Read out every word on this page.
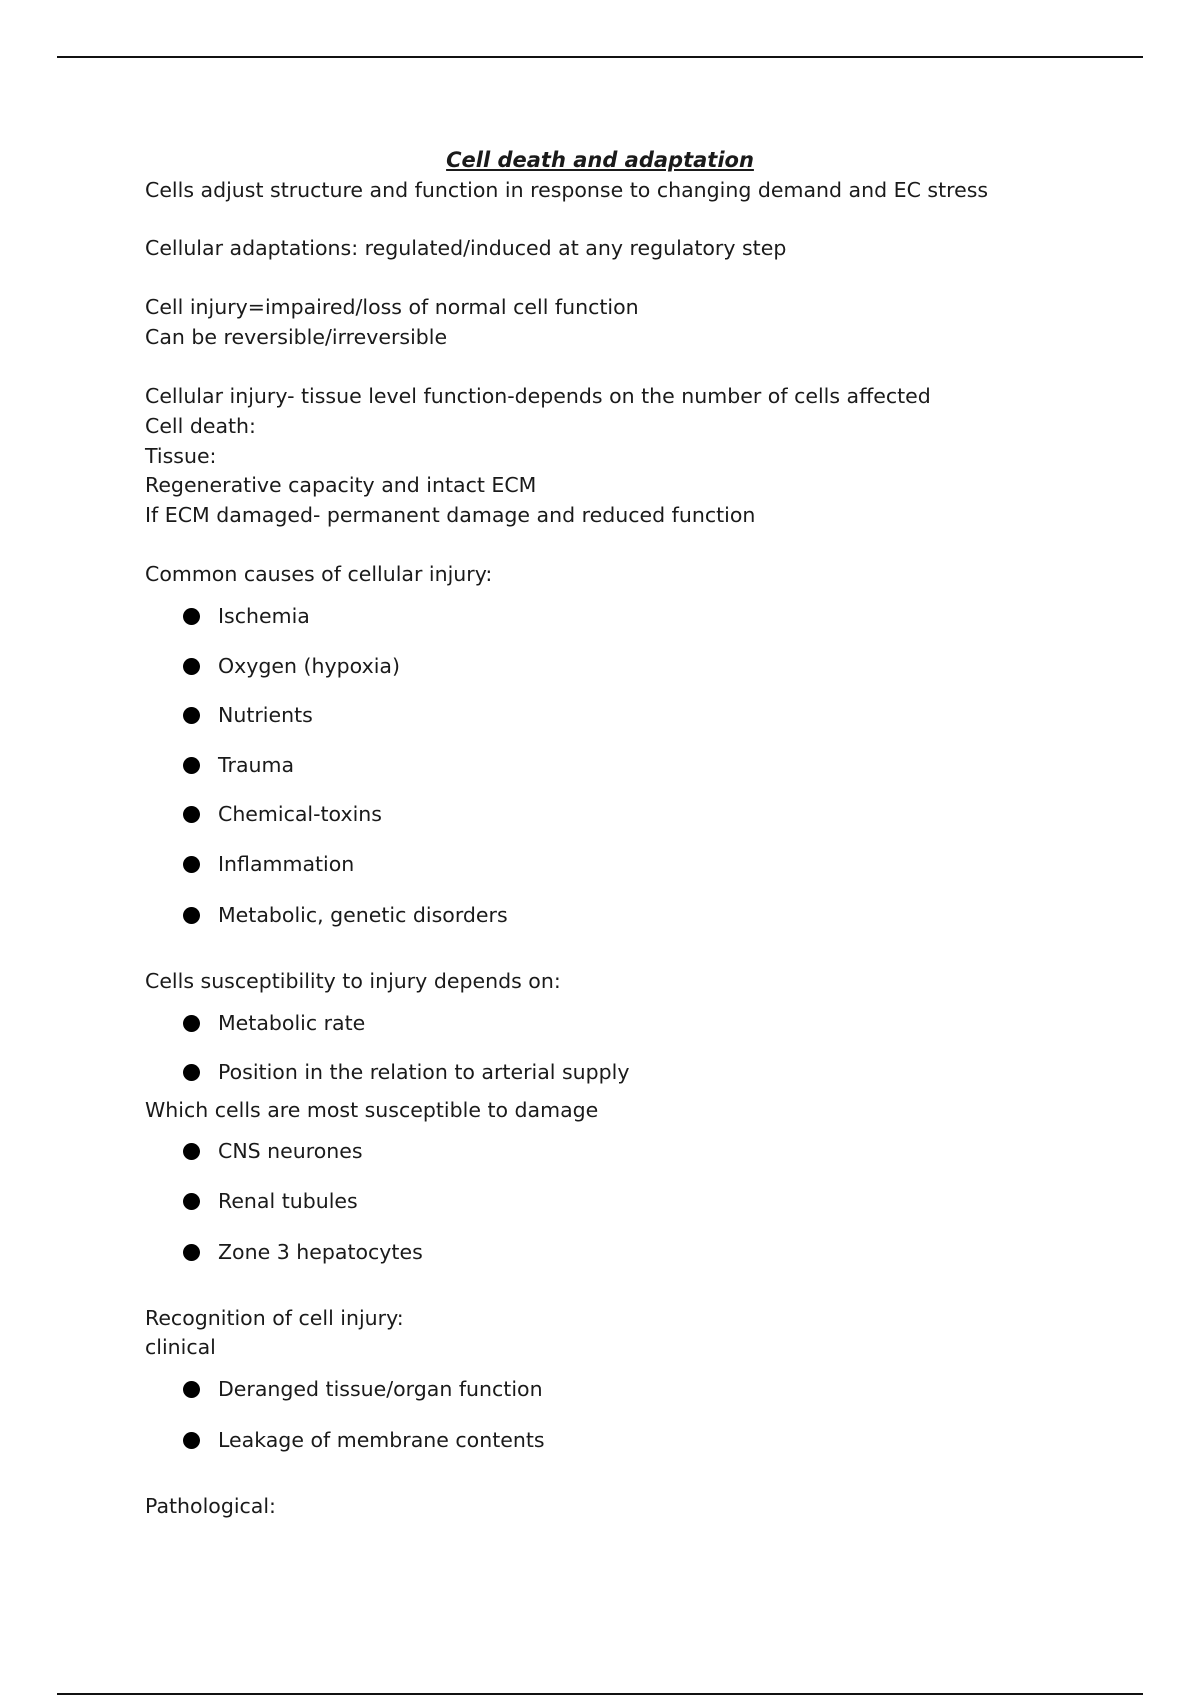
Cell death and adaptation
Cells adjust structure and function in response to changing demand and EC stress
Cellular adaptations: regulated/induced at any regulatory step
Cell injury=impaired/loss of normal cell function
Can be reversible/irreversible
Cellular injury- tissue level function-depends on the number of cells affected
Cell death:
Tissue:
Regenerative capacity and intact ECM
If ECM damaged- permanent damage and reduced function
Common causes of cellular injury:
Ischemia
Oxygen (hypoxia)
Nutrients
Trauma
Chemical-toxins
Inflammation
Metabolic, genetic disorders
Cells susceptibility to injury depends on:
Metabolic rate
Position in the relation to arterial supply
Which cells are most susceptible to damage
CNS neurones
Renal tubules
Zone 3 hepatocytes
Recognition of cell injury:
clinical
Deranged tissue/organ function
Leakage of membrane contents
Pathological:
